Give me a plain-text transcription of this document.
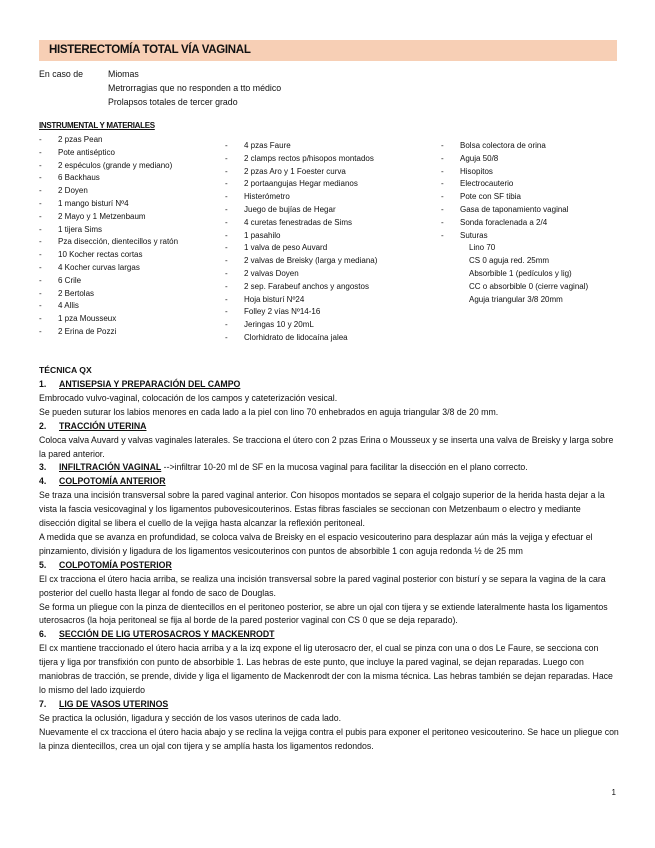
HISTERECTOMÍA TOTAL VÍA VAGINAL
En caso de	Miomas
Metrorragias que no responden a tto médico
Prolapsos totales de tercer grado
INSTRUMENTAL Y MATERIALES
-	2 pzas Pean
-	Pote antiséptico
-	2 espéculos (grande y mediano)
-	6 Backhaus
-	2 Doyen
-	1 mango bisturí Nº4
-	2 Mayo y 1 Metzenbaum
-	1 tijera Sims
-	Pza disección, dientecillos y ratón
-	10 Kocher rectas cortas
-	4 Kocher curvas largas
-	6 Crile
-	2 Bertolas
-	4 Allis
-	1 pza Mousseux
-	2 Erina de Pozzi
-	4 pzas Faure
-	2 clamps rectos p/hisopos montados
-	2 pzas Aro y 1 Foester curva
-	2 portaangujas Hegar medianos
-	Histerómetro
-	Juego de bujías de Hegar
-	4 curetas fenestradas de Sims
-	1 pasahilo
-	1 valva de peso Auvard
-	2 valvas de Breisky (larga y mediana)
-	2 valvas Doyen
-	2 sep. Farabeuf anchos y angostos
-	Hoja bisturí Nº24
-	Folley 2 vías Nº14-16
-	Jeringas 10 y 20mL
-	Clorhidrato de lidocaína jalea
-	Bolsa colectora de orina
-	Aguja 50/8
-	Hisopitos
-	Electrocauterio
-	Pote con SF tibia
-	Gasa de taponamiento vaginal
-	Sonda foraclenada a 2/4
-	Suturas
Lino 70
CS 0 aguja red. 25mm
Absorbible 1 (pedículos y lig)
CC o absorbible 0 (cierre vaginal)
Aguja triangular 3/8 20mm
TÉCNICA QX
1.	ANTISEPSIA Y PREPARACIÓN DEL CAMPO
Embrocado vulvo-vaginal, colocación de los campos y cateterización vesical.
Se pueden suturar los labios menores en cada lado a la piel con lino 70 enhebrados en aguja triangular 3/8 de 20 mm.
2.	TRACCIÓN UTERINA
Coloca valva Auvard y valvas vaginales laterales. Se tracciona el útero con 2 pzas Erina o Mousseux y se inserta una valva de Breisky y larga sobre la pared anterior.
3.	INFILTRACIÓN VAGINAL -->infiltrar 10-20 ml de SF en la mucosa vaginal para facilitar la disección en el plano correcto.
4.	COLPOTOMÍA ANTERIOR
Se traza una incisión transversal sobre la pared vaginal anterior. Con hisopos montados se separa el colgajo superior de la herida hasta dejar a la vista la fascia vesicovaginal y los ligamentos pubovesicouterinos. Estas fibras fasciales se seccionan con Metzenbaum o electro y mediante disección digital se libera el cuello de la vejiga hasta alcanzar la reflexión peritoneal.
A medida que se avanza en profundidad, se coloca valva de Breisky en el espacio vesicouterino para desplazar aún más la vejiga y efectuar el pinzamiento, división y ligadura de los ligamentos vesicouterinos con puntos de absorbible 1 con aguja redonda ½ de 25 mm
5.	COLPOTOMÍA POSTERIOR
El cx tracciona el útero hacia arriba, se realiza una incisión transversal sobre la pared vaginal posterior con bisturí y se separa la vagina de la cara posterior del cuello hasta llegar al fondo de saco de Douglas.
Se forma un pliegue con la pinza de dientecillos en el peritoneo posterior, se abre un ojal con tijera y se extiende lateralmente hasta los ligamentos uterosacros (la hoja peritoneal se fija al borde de la pared posterior vaginal con CS 0 que se deja reparado).
6.	SECCIÓN DE LIG UTEROSACROS Y MACKENRODT
El cx mantiene traccionado el útero hacia arriba y a la izq expone el lig uterosacro der, el cual se pinza con una o dos Le Faure, se secciona con tijera y liga por transfixión con punto de absorbible 1. Las hebras de este punto, que incluye la pared vaginal, se dejan reparadas. Luego con maniobras de tracción, se prende, divide y liga el ligamento de Mackenrodt der con la misma técnica. Las hebras también se dejan reparadas. Hace lo mismo del lado izquierdo
7.	LIG DE VASOS UTERINOS
Se practica la oclusión, ligadura y sección de los vasos uterinos de cada lado.
Nuevamente el cx tracciona el útero hacia abajo y se reclina la vejiga contra el pubis para exponer el peritoneo vesicouterino. Se hace un pliegue con la pinza dientecillos, crea un ojal con tijera y se amplía hasta los ligamentos redondos.
1
